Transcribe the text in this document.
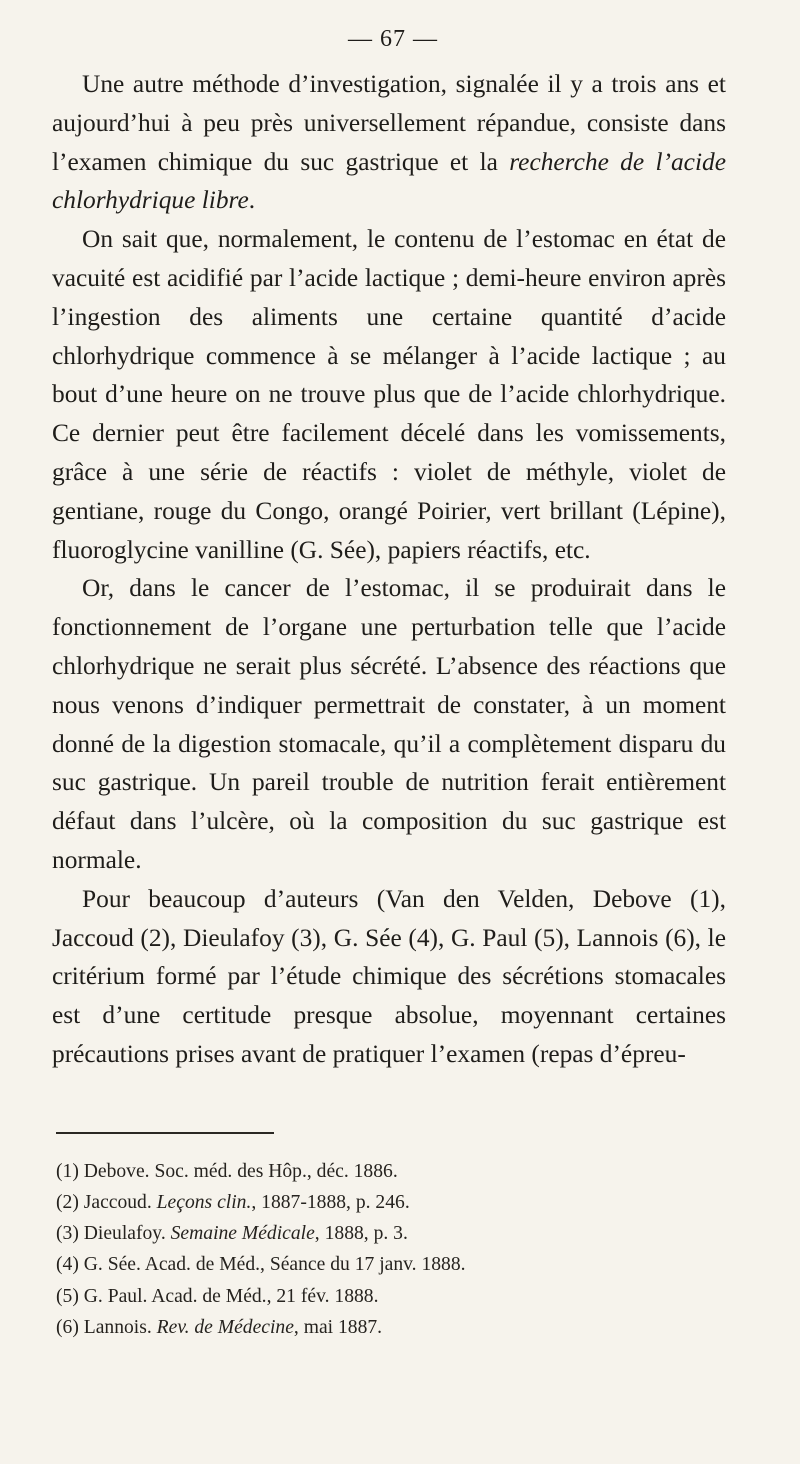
— 67 —

Une autre méthode d’investigation, signalée il y a trois ans et aujourd’hui à peu près universellement répandue, consiste dans l’examen chimique du suc gastrique et la recherche de l’acide chlorhydrique libre.

On sait que, normalement, le contenu de l’estomac en état de vacuité est acidifié par l’acide lactique ; demi-heure environ après l’ingestion des aliments une certaine quantité d’acide chlorhydrique commence à se mélanger à l’acide lactique ; au bout d’une heure on ne trouve plus que de l’acide chlorhydrique. Ce dernier peut être facilement décelé dans les vomissements, grâce à une série de réactifs : violet de méthyle, violet de gentiane, rouge du Congo, orangé Poirier, vert brillant (Lépine), fluoroglycine vanilline (G. Sée), papiers réactifs, etc.

Or, dans le cancer de l’estomac, il se produirait dans le fonctionnement de l’organe une perturbation telle que l’acide chlorhydrique ne serait plus sécrété. L’absence des réactions que nous venons d’indiquer permettrait de constater, à un moment donné de la digestion stomacale, qu’il a complètement disparu du suc gastrique. Un pareil trouble de nutrition ferait entièrement défaut dans l’ulcère, où la composition du suc gastrique est normale.

Pour beaucoup d’auteurs (Van den Velden, Debove (1), Jaccoud (2), Dieulafoy (3), G. Sée (4), G. Paul (5), Lannois (6), le critérium formé par l’étude chimique des sécrétions stomacales est d’une certitude presque absolue, moyennant certaines précautions prises avant de pratiquer l’examen (repas d’épreu-

(1) Debove. Soc. méd. des Hôp., déc. 1886.
(2) Jaccoud. Leçons clin., 1887-1888, p. 246.
(3) Dieulafoy. Semaine Médicale, 1888, p. 3.
(4) G. Sée. Acad. de Méd., Séance du 17 janv. 1888.
(5) G. Paul. Acad. de Méd., 21 fév. 1888.
(6) Lannois. Rev. de Médecine, mai 1887.
